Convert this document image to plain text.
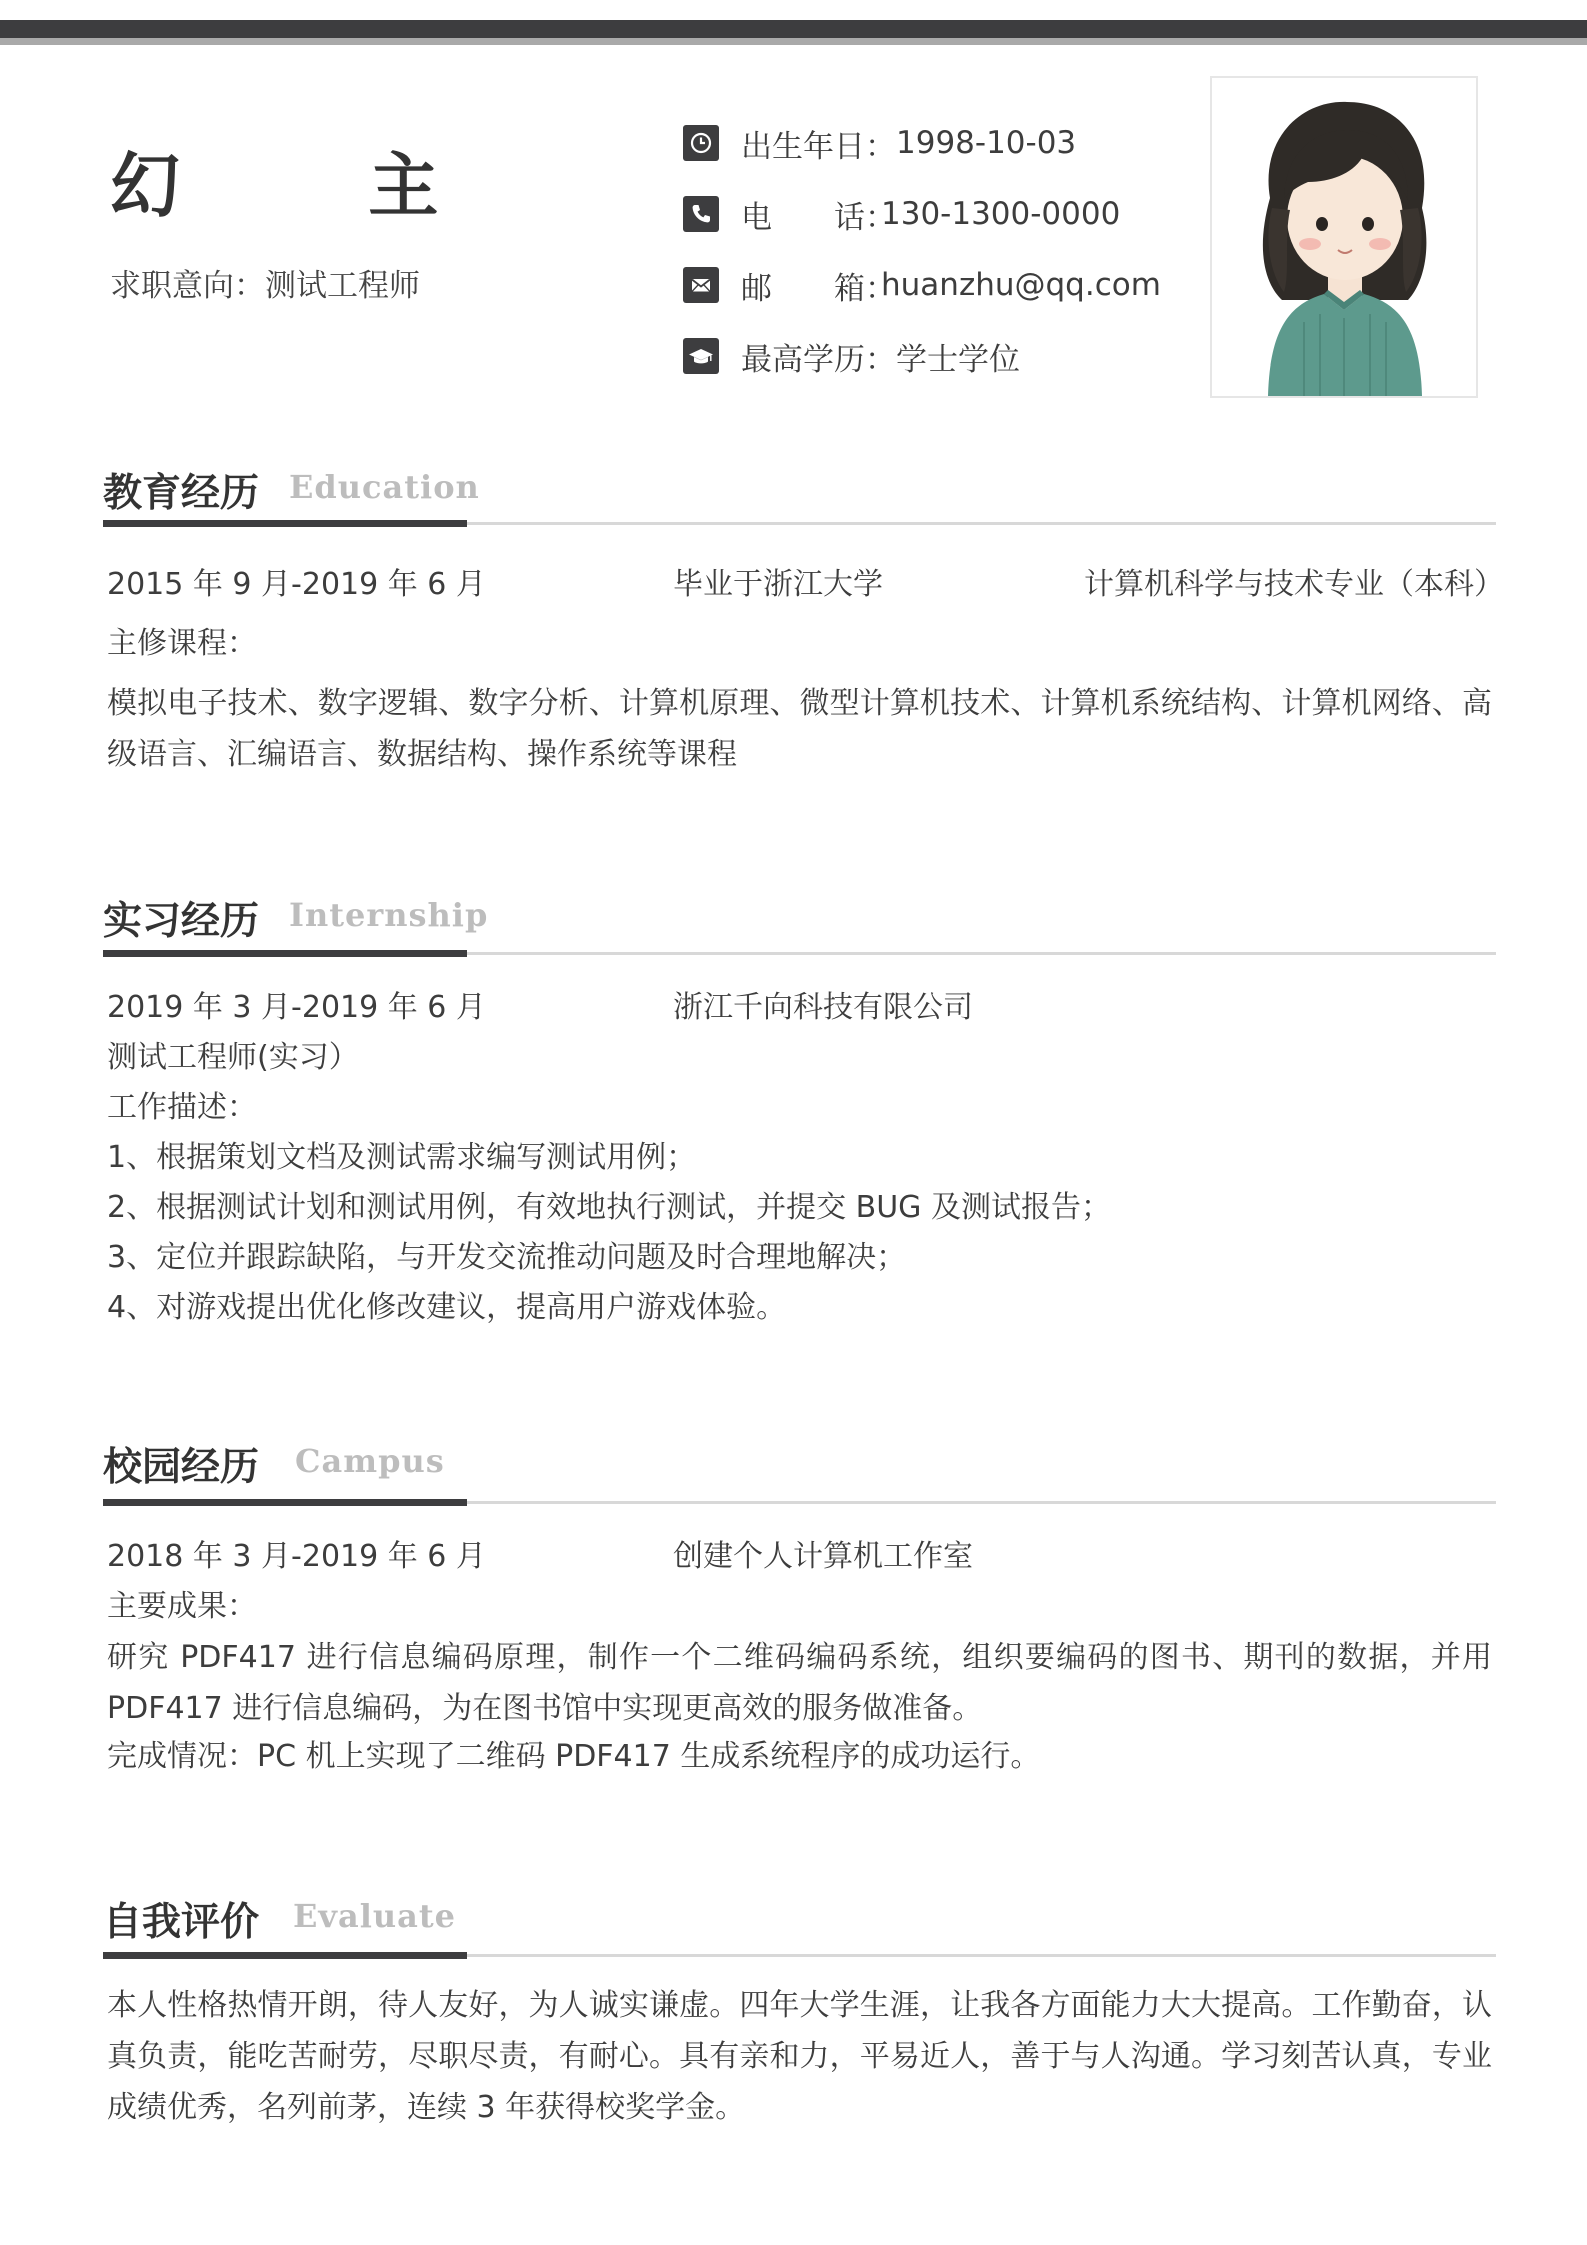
幻 主
求职意向：测试工程师
出生年日： 1998-10-03
电　　话：
130-1300-0000
邮　　箱：
huanzhu@qq.com
最高学历： 学士学位
教育经历 Education
2015 年 9 月-2019 年 6 月	毕业于浙江大学	计算机科学与技术专业（本科）
主修课程：
模拟电子技术、数字逻辑、数字分析、计算机原理、微型计算机技术、计算机系统结构、计算机网络、高级语言、汇编语言、数据结构、操作系统等课程
实习经历 Internship
2019 年 3 月-2019 年 6 月	浙江千向科技有限公司
测试工程师(实习）
工作描述：
1、根据策划文档及测试需求编写测试用例；
2、根据测试计划和测试用例，有效地执行测试，并提交 BUG 及测试报告；
3、定位并跟踪缺陷，与开发交流推动问题及时合理地解决；
4、对游戏提出优化修改建议，提高用户游戏体验。
校园经历 Campus
2018 年 3 月-2019 年 6 月	创建个人计算机工作室
主要成果：
研究 PDF417 进行信息编码原理，制作一个二维码编码系统，组织要编码的图书、期刊的数据，并用 PDF417 进行信息编码，为在图书馆中实现更高效的服务做准备。
完成情况：PC 机上实现了二维码 PDF417 生成系统程序的成功运行。
自我评价 Evaluate
本人性格热情开朗，待人友好，为人诚实谦虚。四年大学生涯，让我各方面能力大大提高。工作勤奋，认真负责，能吃苦耐劳，尽职尽责，有耐心。具有亲和力，平易近人，善于与人沟通。学习刻苦认真，专业成绩优秀，名列前茅，连续 3 年获得校奖学金。
